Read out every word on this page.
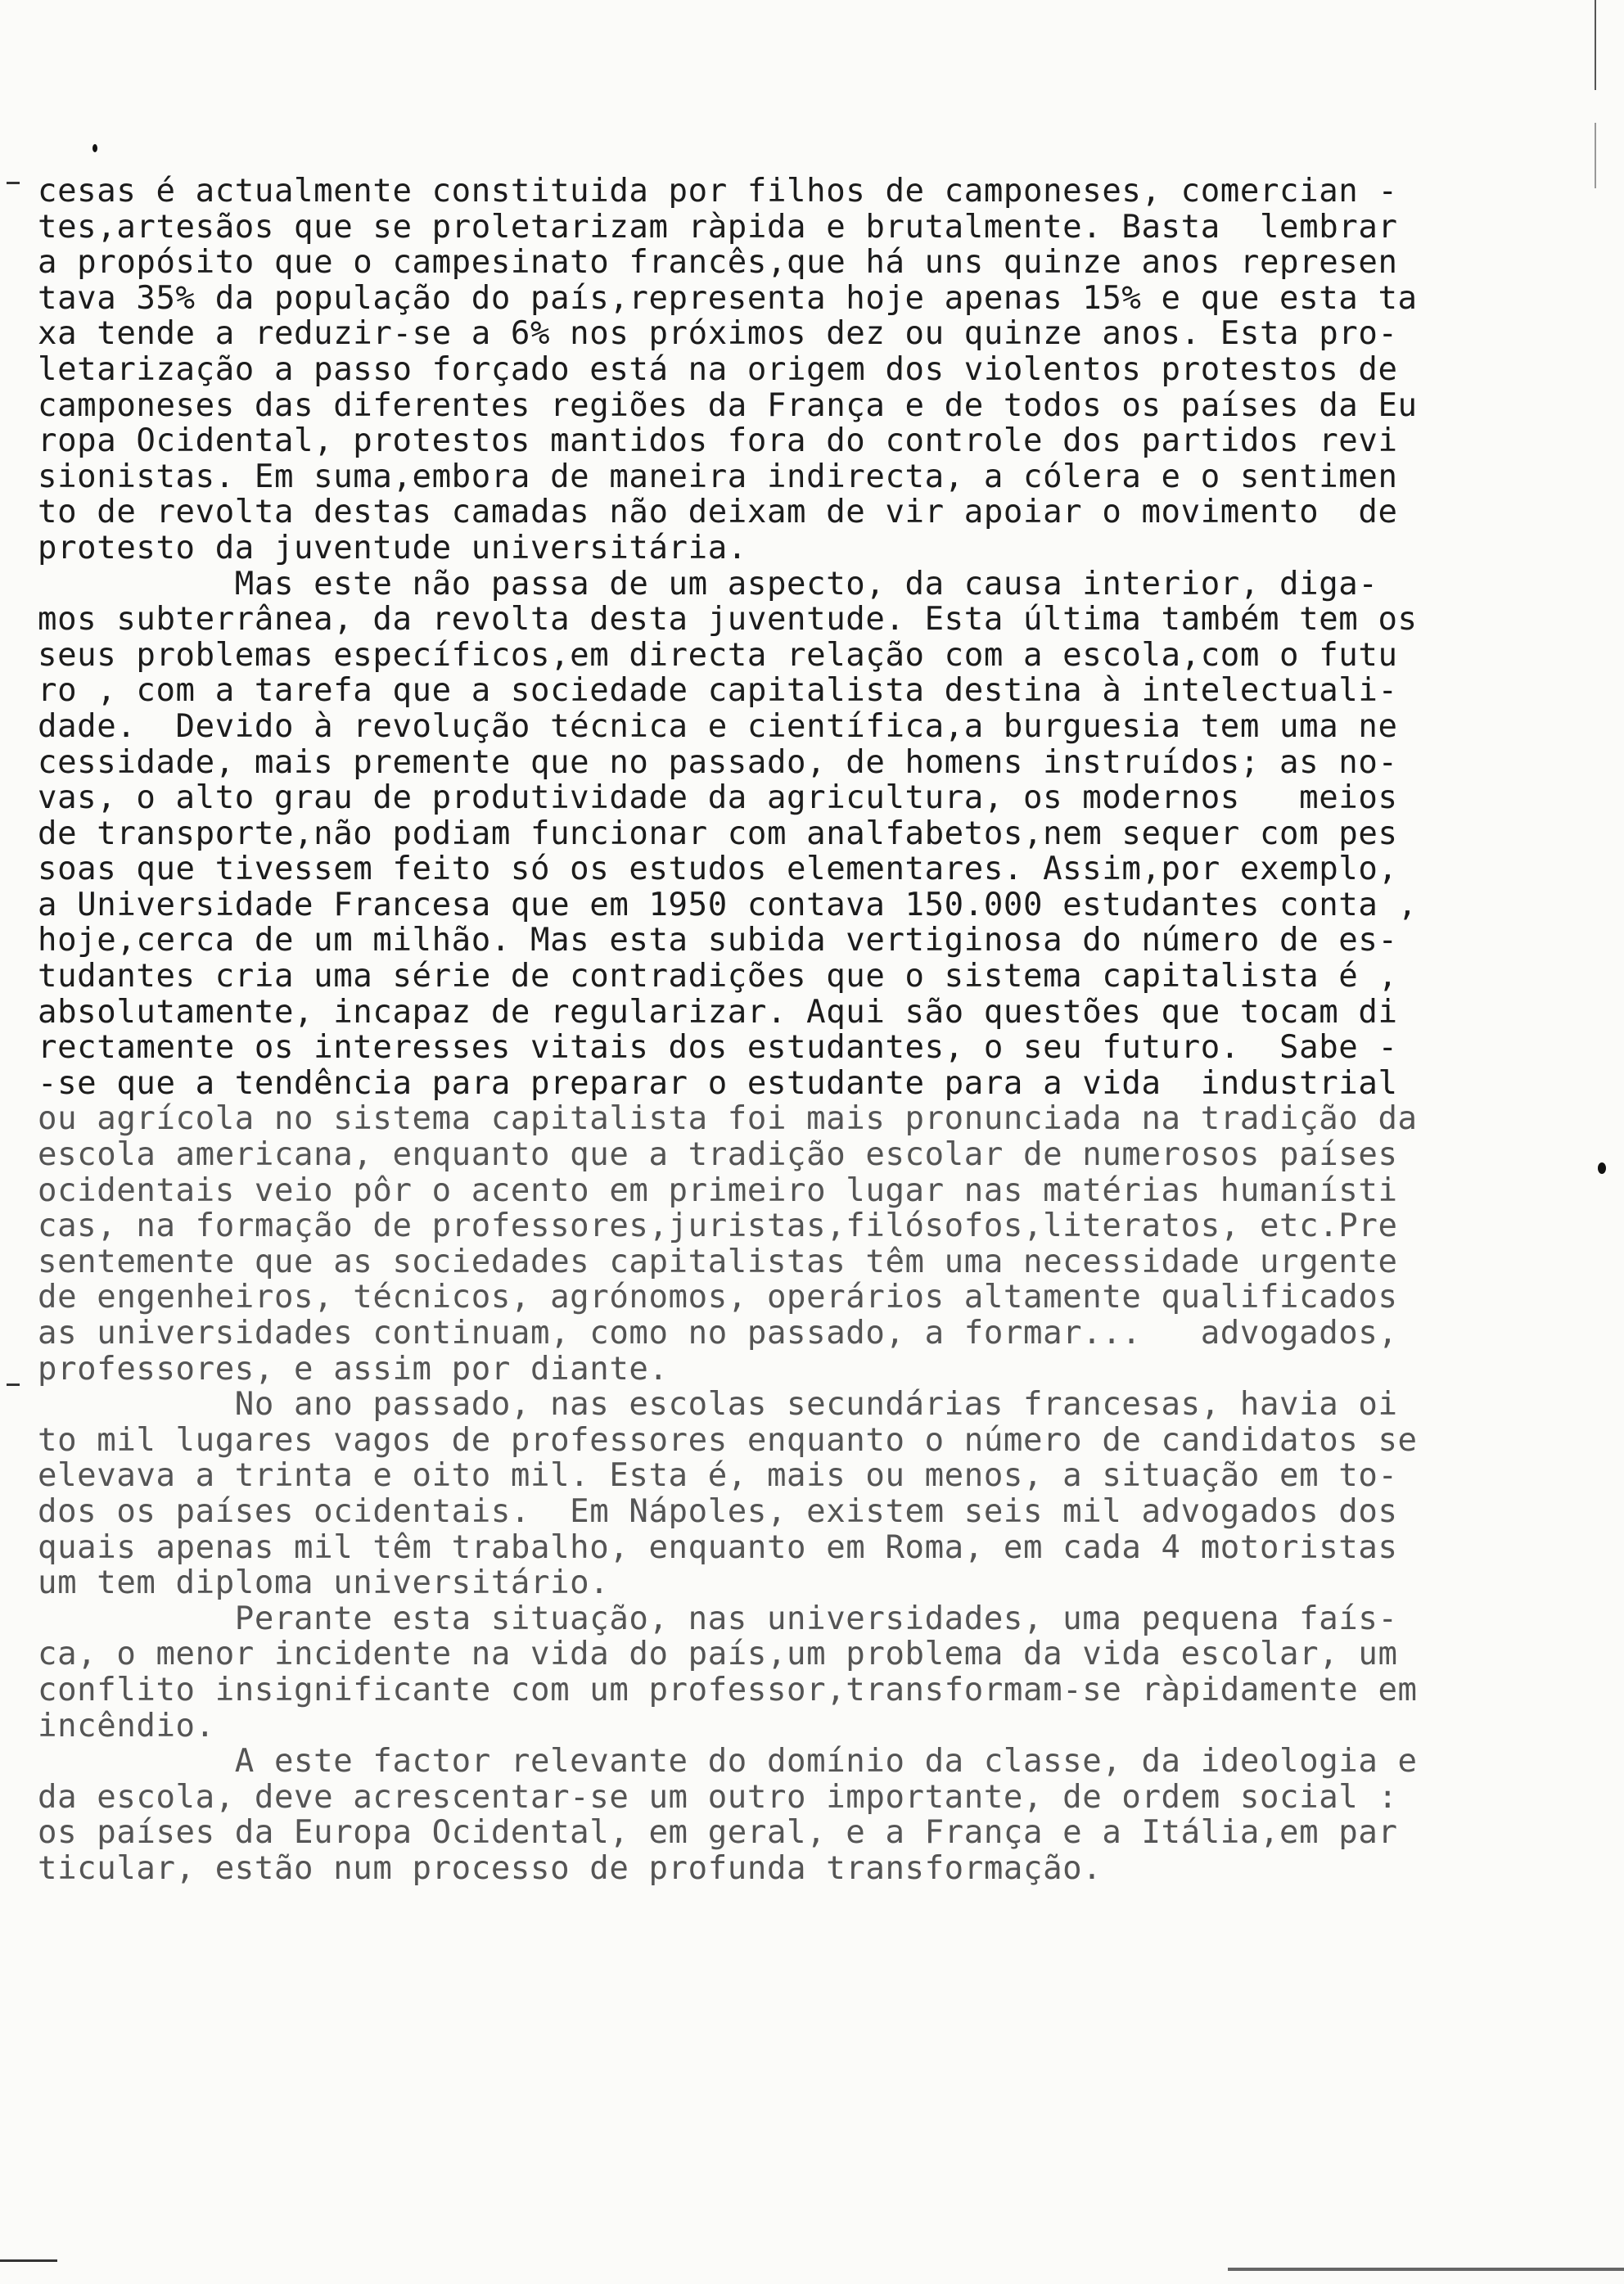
cesas é actualmente constituida por filhos de camponeses, comercian -
tes,artesãos que se proletarizam ràpida e brutalmente. Basta  lembrar
a propósito que o campesinato francês,que há uns quinze anos represen
tava 35% da população do país,representa hoje apenas 15% e que esta ta
xa tende a reduzir-se a 6% nos próximos dez ou quinze anos. Esta pro-
letarização a passo forçado está na origem dos violentos protestos de
camponeses das diferentes regiões da França e de todos os países da Eu
ropa Ocidental, protestos mantidos fora do controle dos partidos revi
sionistas. Em suma,embora de maneira indirecta, a cólera e o sentimen
to de revolta destas camadas não deixam de vir apoiar o movimento  de
protesto da juventude universitária.
Mas este não passa de um aspecto, da causa interior, diga-
mos subterrânea, da revolta desta juventude. Esta última também tem os
seus problemas específicos,em directa relação com a escola,com o futu
ro , com a tarefa que a sociedade capitalista destina à intelectuali-
dade.  Devido à revolução técnica e científica,a burguesia tem uma ne
cessidade, mais premente que no passado, de homens instruídos; as no-
vas, o alto grau de produtividade da agricultura, os modernos   meios
de transporte,não podiam funcionar com analfabetos,nem sequer com pes
soas que tivessem feito só os estudos elementares. Assim,por exemplo,
a Universidade Francesa que em 1950 contava 150.000 estudantes conta ,
hoje,cerca de um milhão. Mas esta subida vertiginosa do número de es-
tudantes cria uma série de contradições que o sistema capitalista é ,
absolutamente, incapaz de regularizar. Aqui são questões que tocam di
rectamente os interesses vitais dos estudantes, o seu futuro.  Sabe -
-se que a tendência para preparar o estudante para a vida  industrial
ou agrícola no sistema capitalista foi mais pronunciada na tradição da
escola americana, enquanto que a tradição escolar de numerosos países
ocidentais veio pôr o acento em primeiro lugar nas matérias humanísti
cas, na formação de professores,juristas,filósofos,literatos, etc.Pre
sentemente que as sociedades capitalistas têm uma necessidade urgente
de engenheiros, técnicos, agrónomos, operários altamente qualificados
as universidades continuam, como no passado, a formar...   advogados,
professores, e assim por diante.
No ano passado, nas escolas secundárias francesas, havia oi
to mil lugares vagos de professores enquanto o número de candidatos se
elevava a trinta e oito mil. Esta é, mais ou menos, a situação em to-
dos os países ocidentais.  Em Nápoles, existem seis mil advogados dos
quais apenas mil têm trabalho, enquanto em Roma, em cada 4 motoristas
um tem diploma universitário.
Perante esta situação, nas universidades, uma pequena faís-
ca, o menor incidente na vida do país,um problema da vida escolar, um
conflito insignificante com um professor,transformam-se ràpidamente em
incêndio.
A este factor relevante do domínio da classe, da ideologia e
da escola, deve acrescentar-se um outro importante, de ordem social :
os países da Europa Ocidental, em geral, e a França e a Itália,em par
ticular, estão num processo de profunda transformação.
